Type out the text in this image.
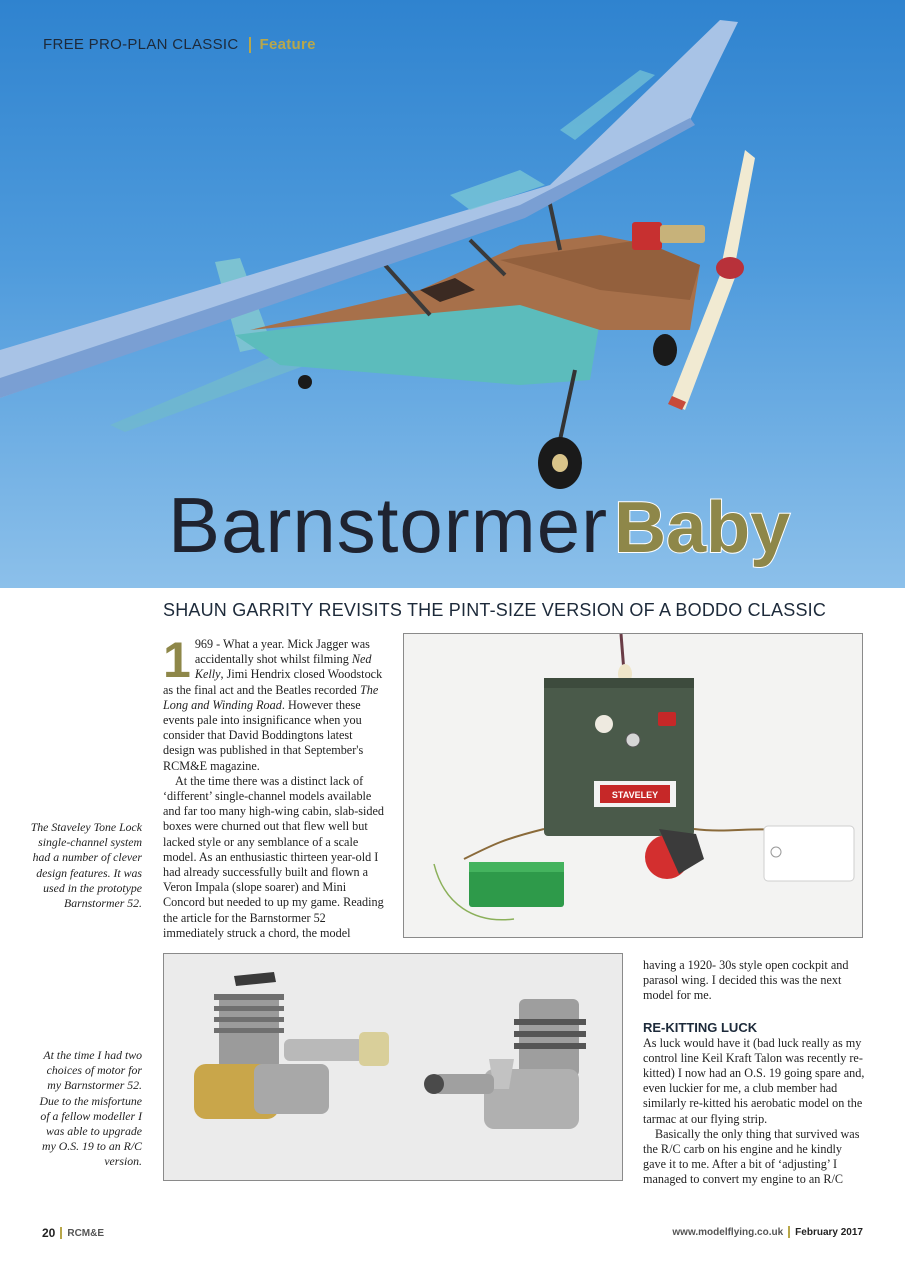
FREE PRO-PLAN CLASSIC Feature
BarnstormerBaby
SHAUN GARRITY REVISITS THE PINT-SIZE VERSION OF A BODDO CLASSIC

1 969 - What a year. Mick Jagger was accidentally shot whilst filming Ned Kelly, Jimi Hendrix closed Woodstock as the final act and the Beatles recorded The Long and Winding Road. However these events pale into insignificance when you consider that David Boddingtons latest design was published in that September's RCM&E magazine.

At the time there was a distinct lack of ‘different’ single-channel models available and far too many high-wing cabin, slab-sided boxes were churned out that flew well but lacked style or any semblance of a scale model. As an enthusiastic thirteen year-old I had already successfully built and flown a Veron Impala (slope soarer) and Mini Concord but needed to up my game. Reading the article for the Barnstormer 52 immediately struck a chord, the model

The Staveley Tone Lock single-channel system had a number of clever design features. It was used in the prototype Barnstormer 52.
STAVELEY
At the time I had two choices of motor for my Barnstormer 52. Due to the misfortune of a fellow modeller I was able to upgrade my O.S. 19 to an R/C version.

having a 1920- 30s style open cockpit and parasol wing. I decided this was the next model for me.

RE-KITTING LUCK

As luck would have it (bad luck really as my control line Keil Kraft Talon was recently re-kitted) I now had an O.S. 19 going spare and, even luckier for me, a club member had similarly re-kitted his aerobatic model on the tarmac at our flying strip.

Basically the only thing that survived was the R/C carb on his engine and he kindly gave it to me. After a bit of ‘adjusting’ I managed to convert my engine to an R/C

20 RCM&E	www.modelflying.co.uk February 2017
